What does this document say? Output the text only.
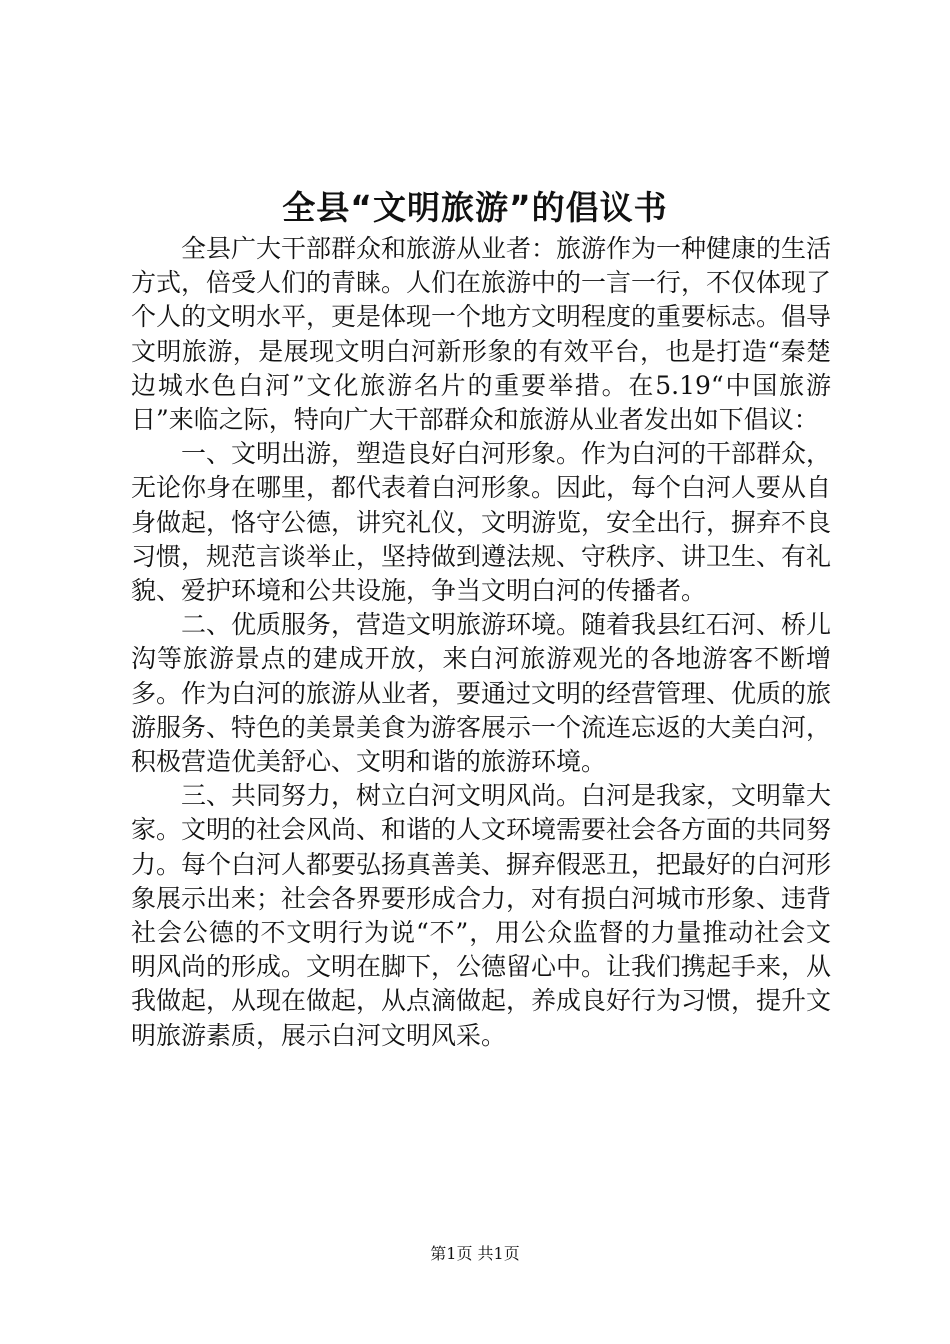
全县“文明旅游”的倡议书

全县广大干部群众和旅游从业者：旅游作为一种健康的生活方式，倍受人们的青睐。人们在旅游中的一言一行，不仅体现了个人的文明水平，更是体现一个地方文明程度的重要标志。倡导文明旅游，是展现文明白河新形象的有效平台，也是打造“秦楚边城水色白河”文化旅游名片的重要举措。在5.19“中国旅游日”来临之际，特向广大干部群众和旅游从业者发出如下倡议：

一、文明出游，塑造良好白河形象。作为白河的干部群众，无论你身在哪里，都代表着白河形象。因此，每个白河人要从自身做起，恪守公德，讲究礼仪，文明游览，安全出行，摒弃不良习惯，规范言谈举止，坚持做到遵法规、守秩序、讲卫生、有礼貌、爱护环境和公共设施，争当文明白河的传播者。

二、优质服务，营造文明旅游环境。随着我县红石河、桥儿沟等旅游景点的建成开放，来白河旅游观光的各地游客不断增多。作为白河的旅游从业者，要通过文明的经营管理、优质的旅游服务、特色的美景美食为游客展示一个流连忘返的大美白河，积极营造优美舒心、文明和谐的旅游环境。

三、共同努力，树立白河文明风尚。白河是我家，文明靠大家。文明的社会风尚、和谐的人文环境需要社会各方面的共同努力。每个白河人都要弘扬真善美、摒弃假恶丑，把最好的白河形象展示出来；社会各界要形成合力，对有损白河城市形象、违背社会公德的不文明行为说“不”，用公众监督的力量推动社会文明风尚的形成。文明在脚下，公德留心中。让我们携起手来，从我做起，从现在做起，从点滴做起，养成良好行为习惯，提升文明旅游素质，展示白河文明风采。

第1页 共1页
